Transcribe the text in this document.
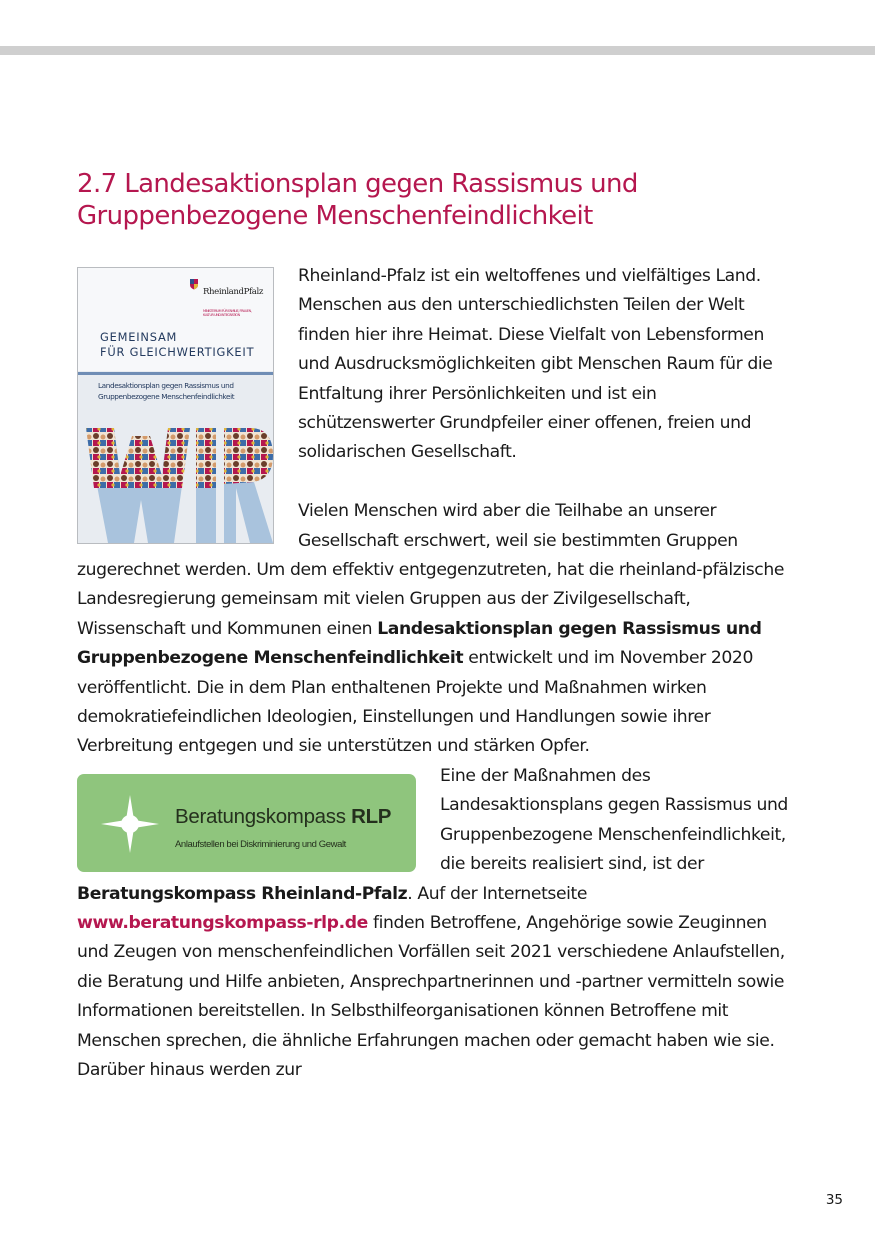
2.7 Landesaktionsplan gegen Rassismus und Gruppenbezogene Menschenfeindlichkeit
RheinlandPfalz
MINISTERIUM FÜR FAMILIE, FRAUEN, KULTUR UND INTEGRATION
GEMEINSAM
FÜR GLEICHWERTIGKEIT
Landesaktionsplan gegen Rassismus und
Gruppenbezogene Menschenfeindlichkeit

Rheinland-Pfalz ist ein weltoffenes und vielfältiges Land. Menschen aus den unterschiedlichsten Teilen der Welt finden hier ihre Heimat. Diese Vielfalt von Lebensformen und Ausdrucksmöglichkeiten gibt Menschen Raum für die Entfaltung ihrer Persönlichkeiten und ist ein schützenswerter Grundpfeiler einer offenen, freien und solidarischen Gesellschaft.

Vielen Menschen wird aber die Teilhabe an unserer Gesellschaft erschwert, weil sie bestimmten Gruppen zugerechnet werden. Um dem effektiv entgegenzutreten, hat die rheinland-pfälzische Landesregierung gemeinsam mit vielen Gruppen aus der Zivilgesellschaft, Wissenschaft und Kommunen einen Landesaktionsplan gegen Rassismus und Gruppenbezogene Menschenfeindlichkeit entwickelt und im November 2020 veröffentlicht. Die in dem Plan enthaltenen Projekte und Maßnahmen wirken demokratiefeindlichen Ideologien, Einstellungen und Handlungen sowie ihrer Verbreitung entgegen und sie unterstützen und stärken Opfer.

Beratungskompass RLP
Anlaufstellen bei Diskriminierung und Gewalt

Eine der Maßnahmen des Landesaktionsplans gegen Rassismus und Gruppenbezogene Menschenfeindlichkeit, die bereits realisiert sind, ist der Beratungskompass Rheinland-Pfalz. Auf der Internetseite www.beratungskompass-rlp.de finden Betroffene, Angehörige sowie Zeuginnen und Zeugen von menschenfeindlichen Vorfällen seit 2021 verschiedene Anlaufstellen, die Beratung und Hilfe anbieten, Ansprechpartnerinnen und -partner vermitteln sowie Informationen bereitstellen. In Selbsthilfeorganisationen können Betroffene mit Menschen sprechen, die ähnliche Erfahrungen machen oder gemacht haben wie sie. Darüber hinaus werden zur

35
